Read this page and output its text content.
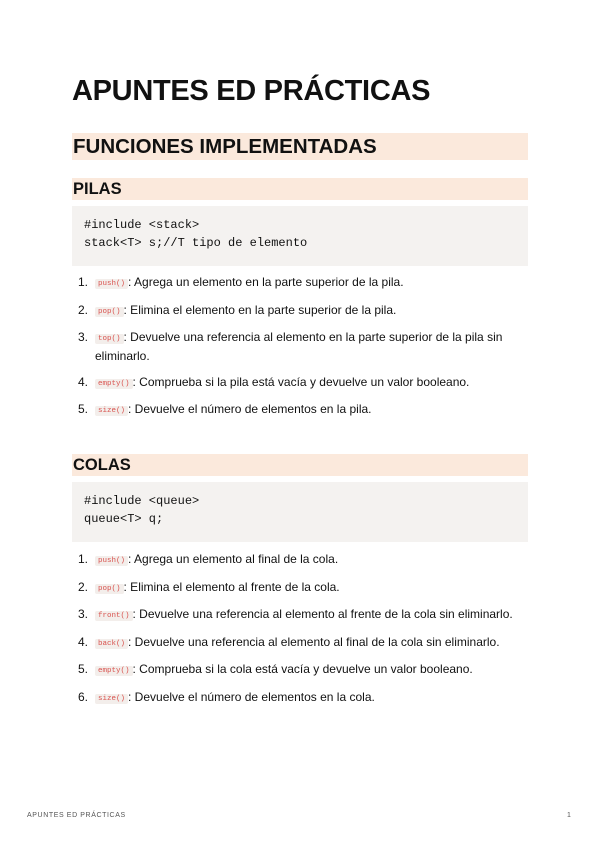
APUNTES ED PRÁCTICAS
FUNCIONES IMPLEMENTADAS
PILAS
#include <stack>
stack<T> s;//T tipo de elemento
1. push() : Agrega un elemento en la parte superior de la pila.
2. pop() : Elimina el elemento en la parte superior de la pila.
3. top() : Devuelve una referencia al elemento en la parte superior de la pila sin eliminarlo.
4. empty() : Comprueba si la pila está vacía y devuelve un valor booleano.
5. size() : Devuelve el número de elementos en la pila.
COLAS
#include <queue>
queue<T> q;
1. push() : Agrega un elemento al final de la cola.
2. pop() : Elimina el elemento al frente de la cola.
3. front() : Devuelve una referencia al elemento al frente de la cola sin eliminarlo.
4. back() : Devuelve una referencia al elemento al final de la cola sin eliminarlo.
5. empty() : Comprueba si la cola está vacía y devuelve un valor booleano.
6. size() : Devuelve el número de elementos en la cola.
APUNTES ED PRÁCTICAS	1
